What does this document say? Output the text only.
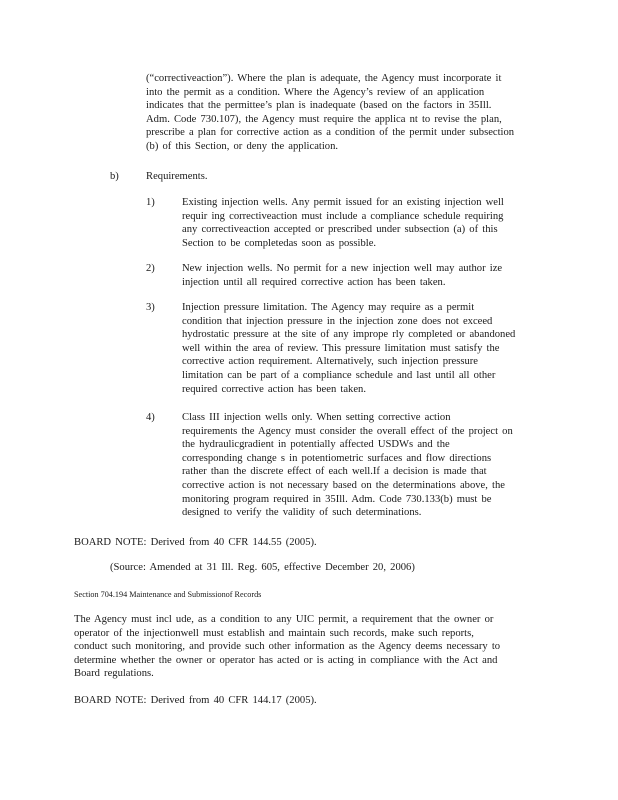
(“correctiveaction”). Where the plan is adequate, the Agency must incorporate it
into the permit as a condition. Where the Agency’s review of an application
indicates that the permittee’s plan is inadequate (based on the factors in 35Ill.
Adm. Code 730.107), the Agency must require the applica nt to revise the plan,
prescribe a plan for corrective action as a condition of the permit under subsection
(b) of this Section, or deny the application.

b)	Requirements.

1)	Existing injection wells. Any permit issued for an existing injection well
requir ing correctiveaction must include a compliance schedule requiring
any correctiveaction accepted or prescribed under subsection (a) of this
Section to be completedas soon as possible.

2)	New injection wells. No permit for a new injection well may author ize
injection until all required corrective action has been taken.

3)	Injection pressure limitation. The Agency may require as a permit
condition that injection pressure in the injection zone does not exceed
hydrostatic pressure at the site of any imprope rly completed or abandoned
well within the area of review. This pressure limitation must satisfy the
corrective action requirement. Alternatively, such injection pressure
limitation can be part of a compliance schedule and last until all other
required corrective action has been taken.

4)	Class III injection wells only. When setting corrective action
requirements the Agency must consider the overall effect of the project on
the hydraulicgradient in potentially affected USDWs and the
corresponding change s in potentiometric surfaces and flow directions
rather than the discrete effect of each well.If a decision is made that
corrective action is not necessary based on the determinations above, the
monitoring program required in 35Ill. Adm. Code 730.133(b) must be
designed to verify the validity of such determinations.

BOARD NOTE: Derived from 40 CFR 144.55 (2005).

(Source: Amended at 31 Ill. Reg. 605, effective December 20, 2006)

Section 704.194 Maintenance and Submissionof Records

The Agency must incl ude, as a condition to any UIC permit, a requirement that the owner or
operator of the injectionwell must establish and maintain such records, make such reports,
conduct such monitoring, and provide such other information as the Agency deems necessary to
determine whether the owner or operator has acted or is acting in compliance with the Act and
Board regulations.

BOARD NOTE: Derived from 40 CFR 144.17 (2005).
